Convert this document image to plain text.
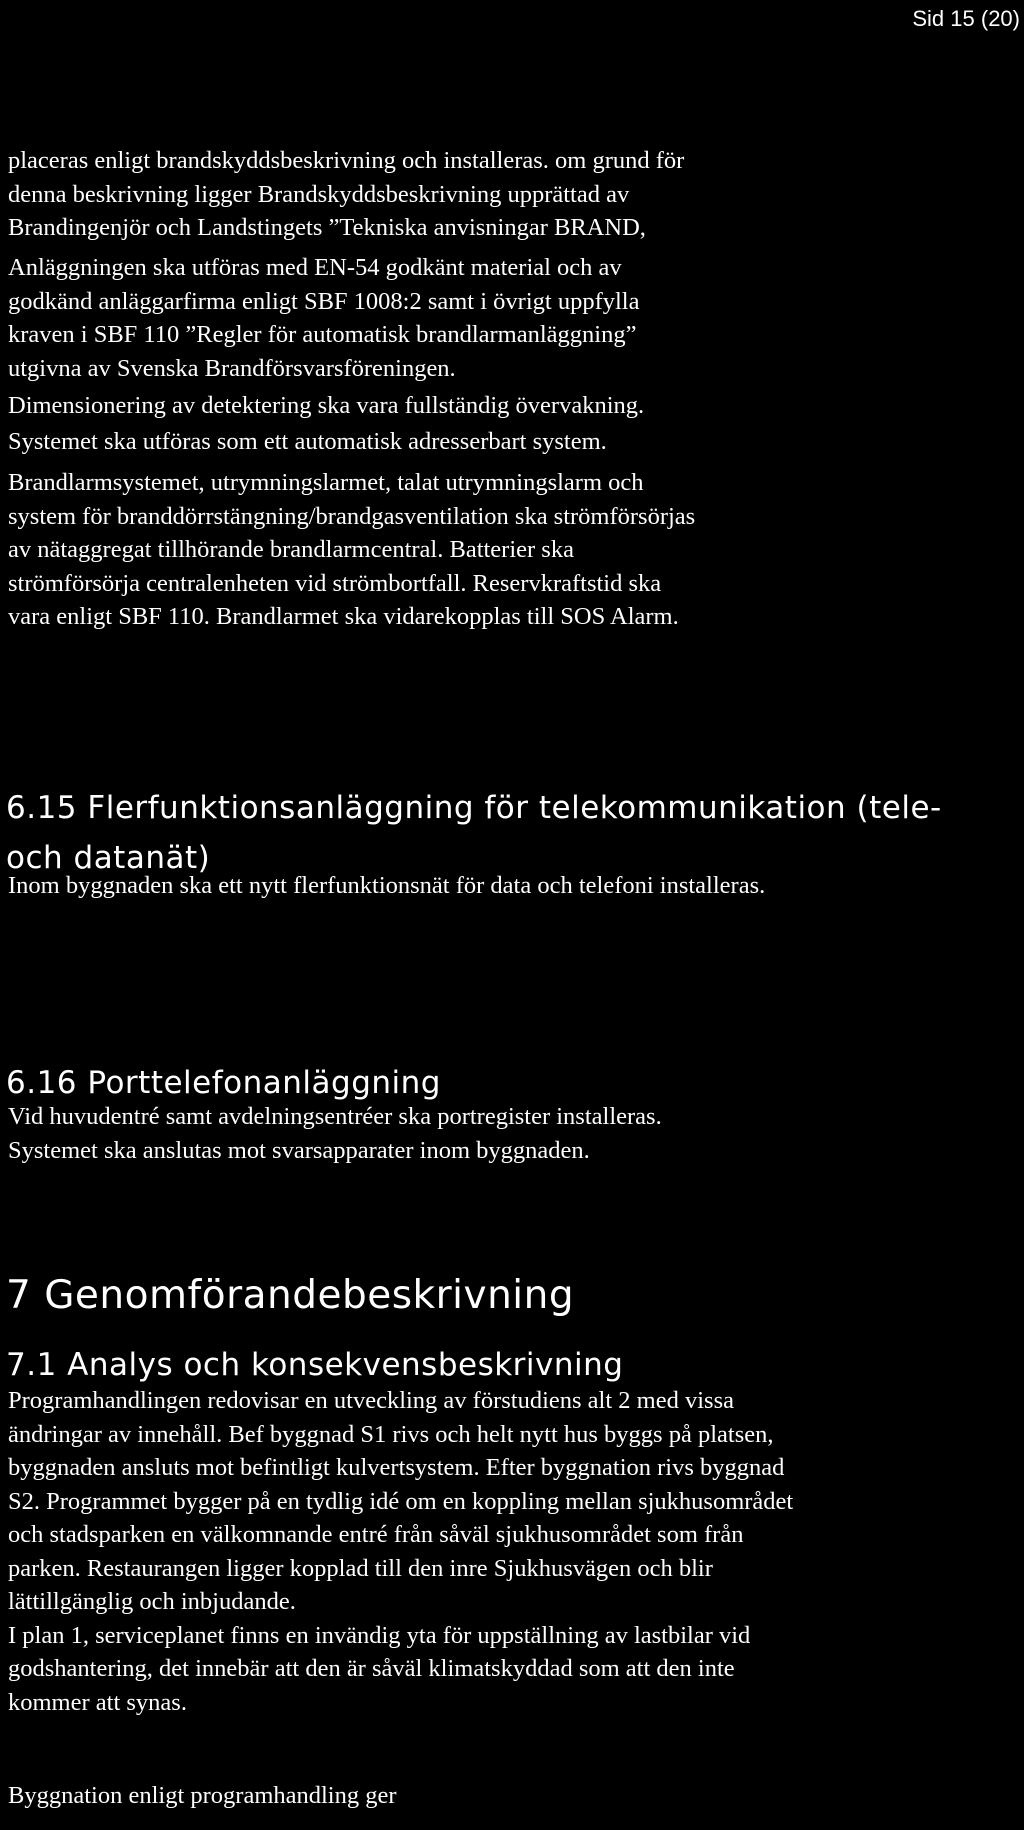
Sid 15 (20)
placeras enligt brandskyddsbeskrivning och installeras. om grund för
denna beskrivning ligger Brandskyddsbeskrivning upprättad av
Brandingenjör och Landstingets ”Tekniska anvisningar BRAND,
Anläggningen ska utföras med EN-54 godkänt material och av
godkänd anläggarfirma enligt SBF 1008:2 samt i övrigt uppfylla
kraven i SBF 110 ”Regler för automatisk brandlarmanläggning”
utgivna av Svenska Brandförsvarsföreningen.
Dimensionering av detektering ska vara fullständig övervakning.
Systemet ska utföras som ett automatisk adresserbart system.
Brandlarmsystemet, utrymningslarmet, talat utrymningslarm och
system för branddörrstängning/brandgasventilation ska strömförsörjas
av nätaggregat tillhörande brandlarmcentral. Batterier ska
strömförsörja centralenheten vid strömbortfall. Reservkraftstid ska
vara enligt SBF 110. Brandlarmet ska vidarekopplas till SOS Alarm.
6.15 Flerfunktionsanläggning för telekommunikation (tele-
och datanät)
Inom byggnaden ska ett nytt flerfunktionsnät för data och telefoni installeras.
6.16 Porttelefonanläggning
Vid huvudentré samt avdelningsentréer ska portregister installeras.
Systemet ska anslutas mot svarsapparater inom byggnaden.
7 Genomförandebeskrivning
7.1 Analys och konsekvensbeskrivning
Programhandlingen redovisar en utveckling av förstudiens alt 2 med vissa
ändringar av innehåll. Bef byggnad S1 rivs och helt nytt hus byggs på platsen,
byggnaden ansluts mot befintligt kulvertsystem. Efter byggnation rivs byggnad
S2. Programmet bygger på en tydlig idé om en koppling mellan sjukhusområdet
och stadsparken en välkomnande entré från såväl sjukhusområdet som från
parken. Restaurangen ligger kopplad till den inre Sjukhusvägen och blir
lättillgänglig och inbjudande.
I plan 1, serviceplanet finns en invändig yta för uppställning av lastbilar vid
godshantering, det innebär att den är såväl klimatskyddad som att den inte
kommer att synas.
Byggnation enligt programhandling ger
